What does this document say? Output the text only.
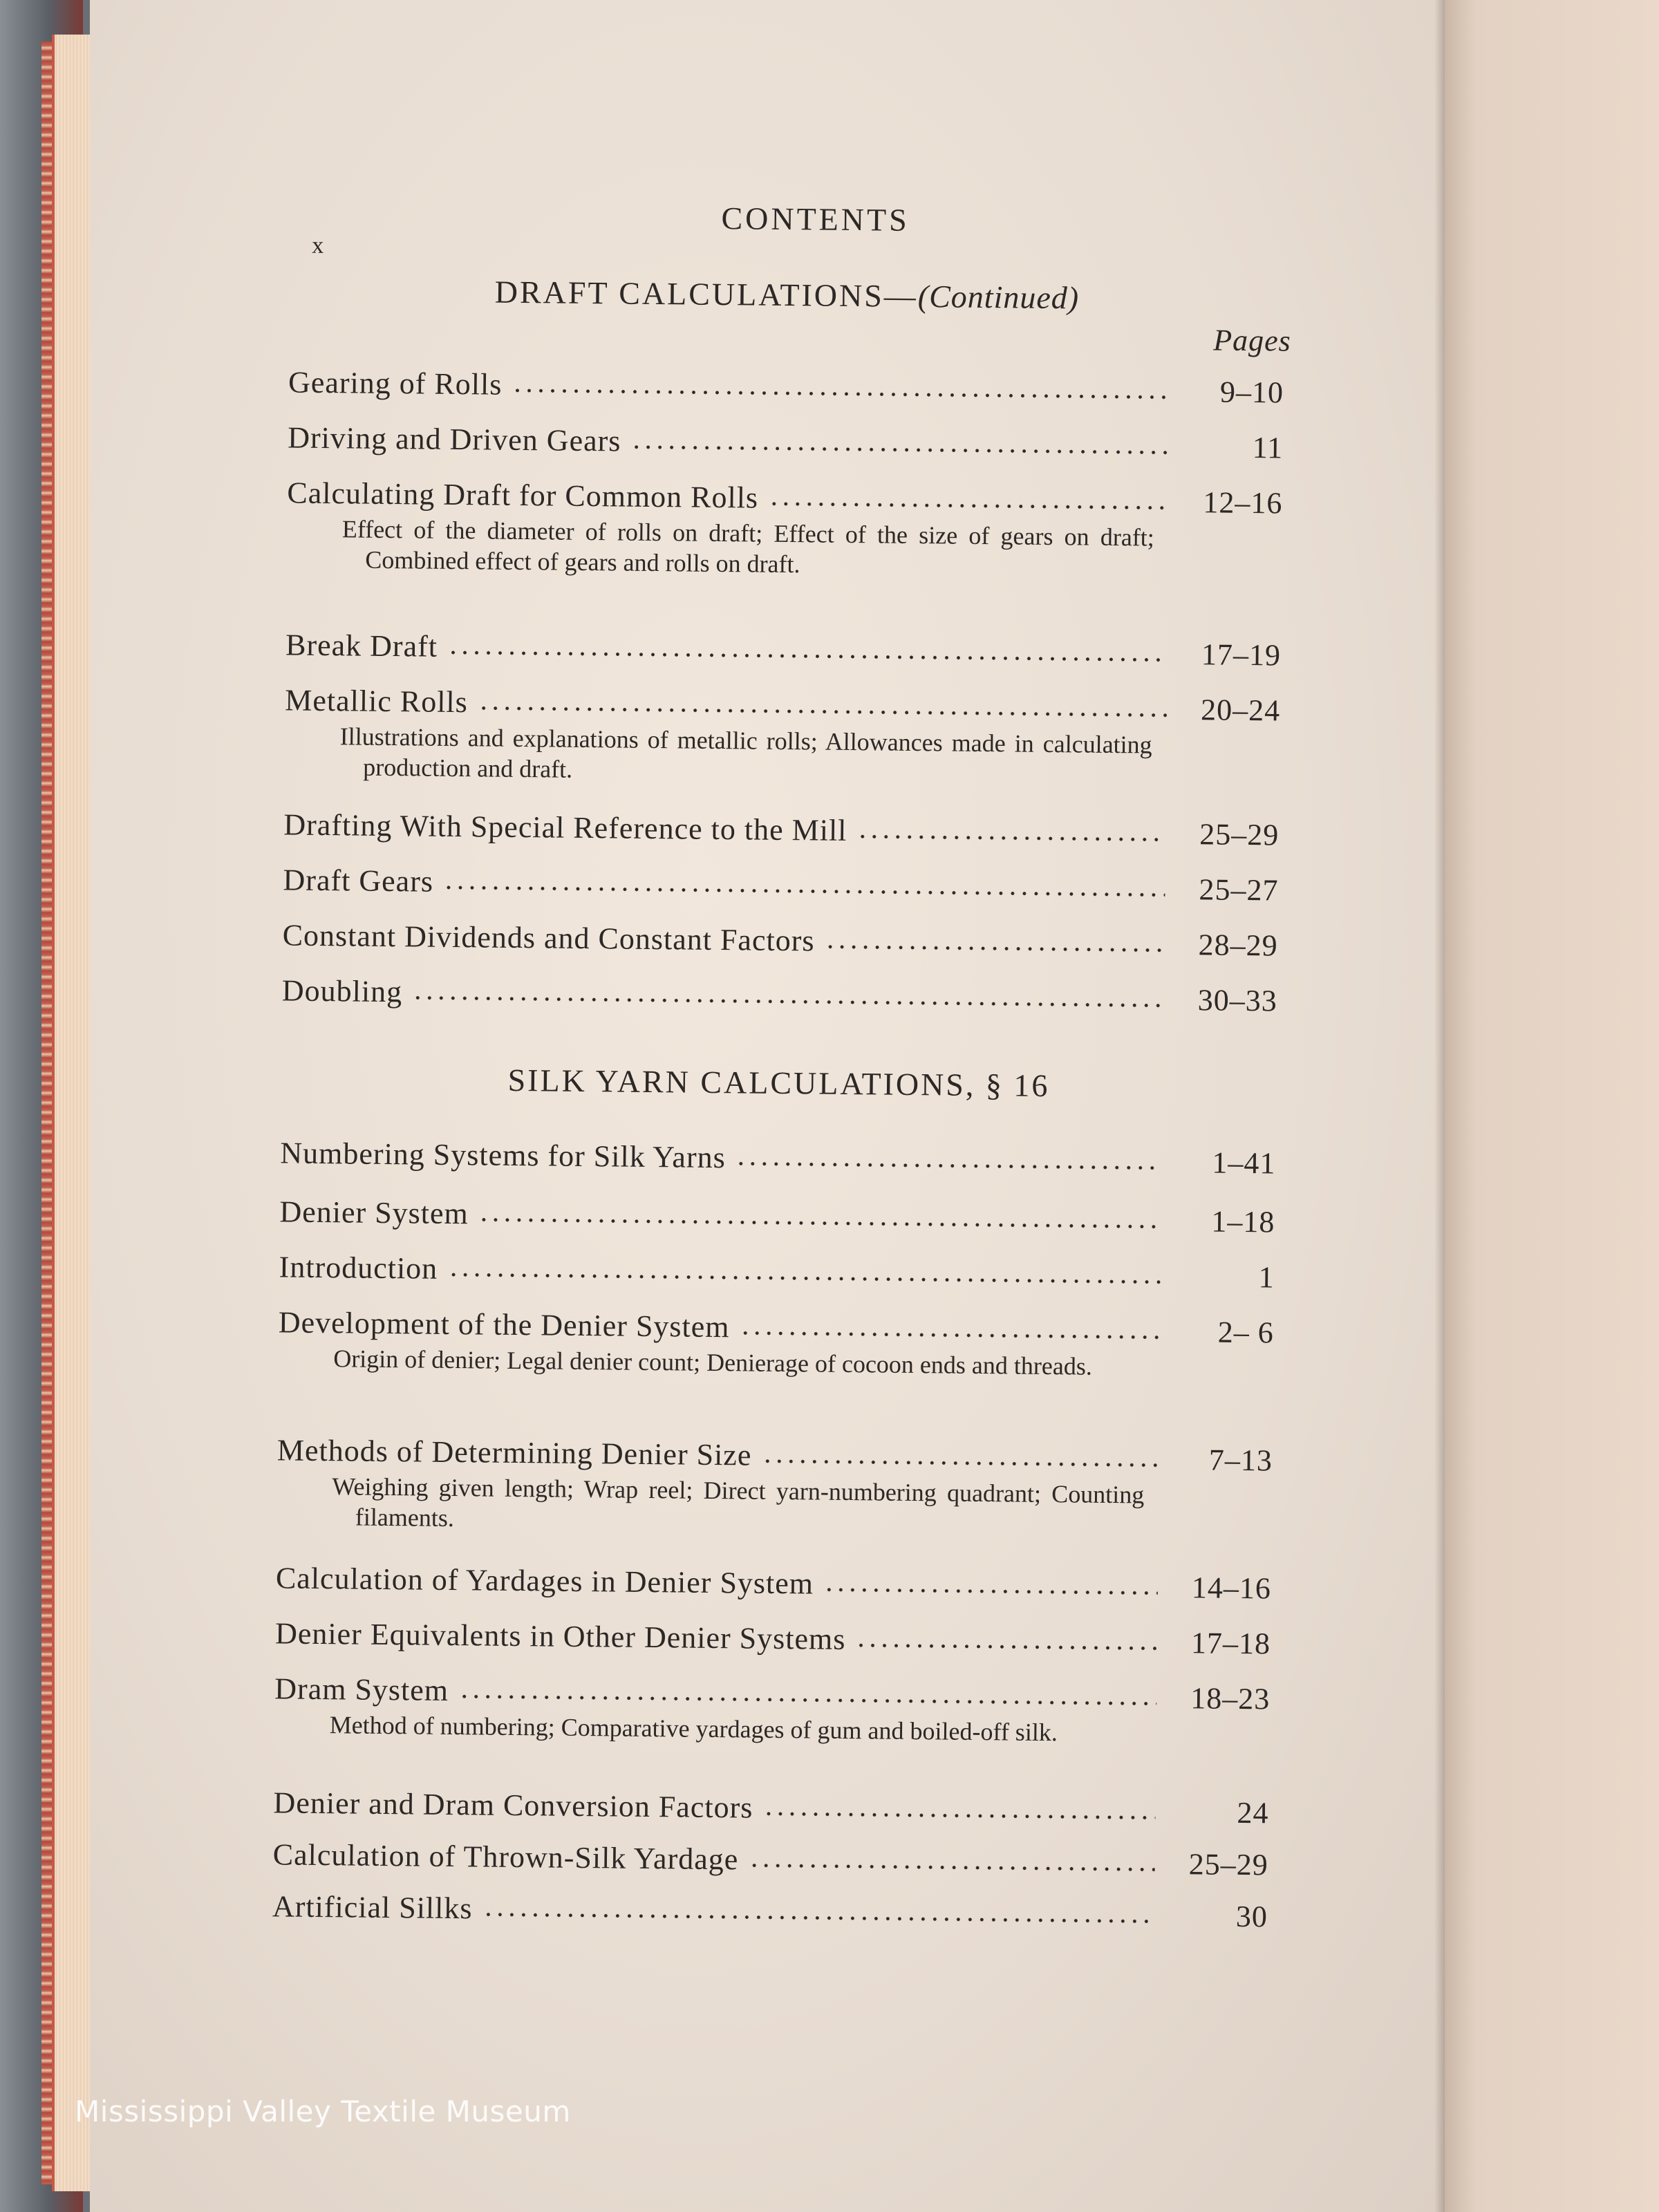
x
CONTENTS
DRAFT CALCULATIONS—(Continued)
Pages
Gearing of Rolls	9–10
Driving and Driven Gears	11
Calculating Draft for Common Rolls	12–16
Effect of the diameter of rolls on draft; Effect of the size of gears on draft; Combined effect of gears and rolls on draft.
Break Draft	17–19
Metallic Rolls	20–24
Illustrations and explanations of metallic rolls; Allowances made in calculating production and draft.
Drafting With Special Reference to the Mill	25–29
Draft Gears	25–27
Constant Dividends and Constant Factors	28–29
Doubling	30–33
SILK YARN CALCULATIONS, § 16
Numbering Systems for Silk Yarns	1–41
Denier System	1–18
Introduction	1
Development of the Denier System	2– 6
Origin of denier; Legal denier count; Denierage of cocoon ends and threads.
Methods of Determining Denier Size	7–13
Weighing given length; Wrap reel; Direct yarn-numbering quadrant; Counting filaments.
Calculation of Yardages in Denier System	14–16
Denier Equivalents in Other Denier Systems	17–18
Dram System	18–23
Method of numbering; Comparative yardages of gum and boiled-off silk.
Denier and Dram Conversion Factors	24
Calculation of Thrown-Silk Yardage	25–29
Artificial Sillks	30
Mississippi Valley Textile Museum
